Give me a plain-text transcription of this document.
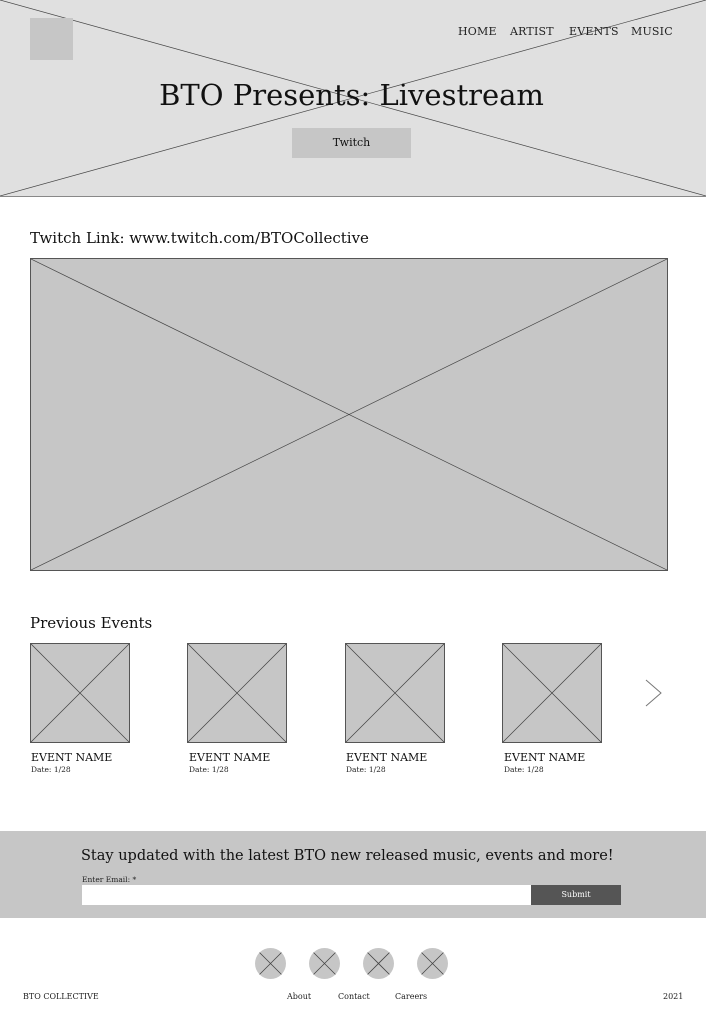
HOME ARTIST EVENTS MUSIC
BTO Presents: Livestream
Twitch
Twitch Link: www.twitch.com/BTOCollective
Previous Events
EVENT NAME
Date: 1/28
EVENT NAME
Date: 1/28
EVENT NAME
Date: 1/28
EVENT NAME
Date: 1/28
Stay updated with the latest BTO new released music, events and more!
Enter Email: *
Submit
BTO COLLECTIVE	About	Contact	Careers	2021
